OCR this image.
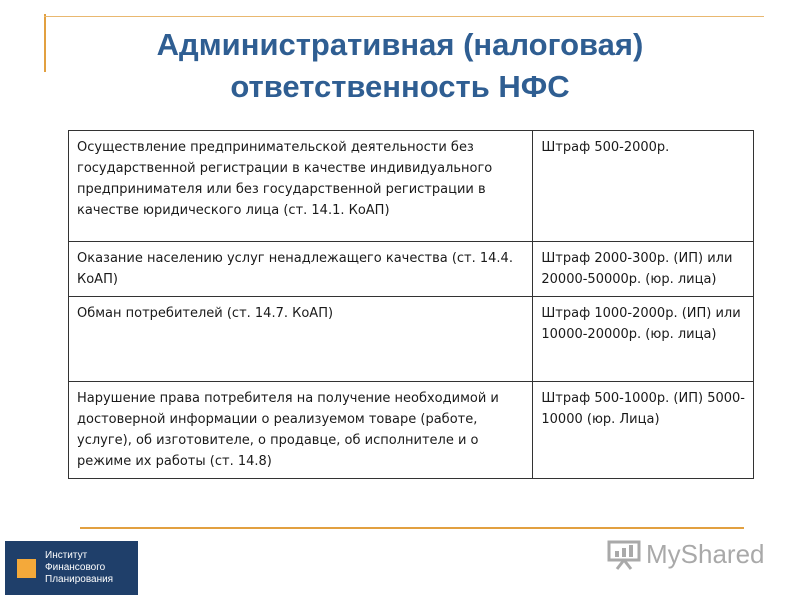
Административная (налоговая)
ответственность НФС
Осуществление предпринимательской деятельности без государственной регистрации в качестве индивидуального предпринимателя или без государственной регистрации в качестве юридического лица (ст. 14.1. КоАП)	Штраф 500-2000р.
Оказание населению услуг ненадлежащего качества (ст. 14.4. КоАП)	Штраф 2000-300р. (ИП) или 20000-50000р. (юр. лица)
Обман потребителей (ст. 14.7. КоАП)	Штраф 1000-2000р. (ИП) или 10000-20000р. (юр. лица)
Нарушение права потребителя на получение необходимой и достоверной информации о реализуемом товаре (работе, услуге), об изготовителе, о продавце, об исполнителе и о режиме их работы (ст. 14.8)	Штраф 500-1000р. (ИП) 5000-10000 (юр. Лица)
Институт
Финансового
Планирования
MyShared
